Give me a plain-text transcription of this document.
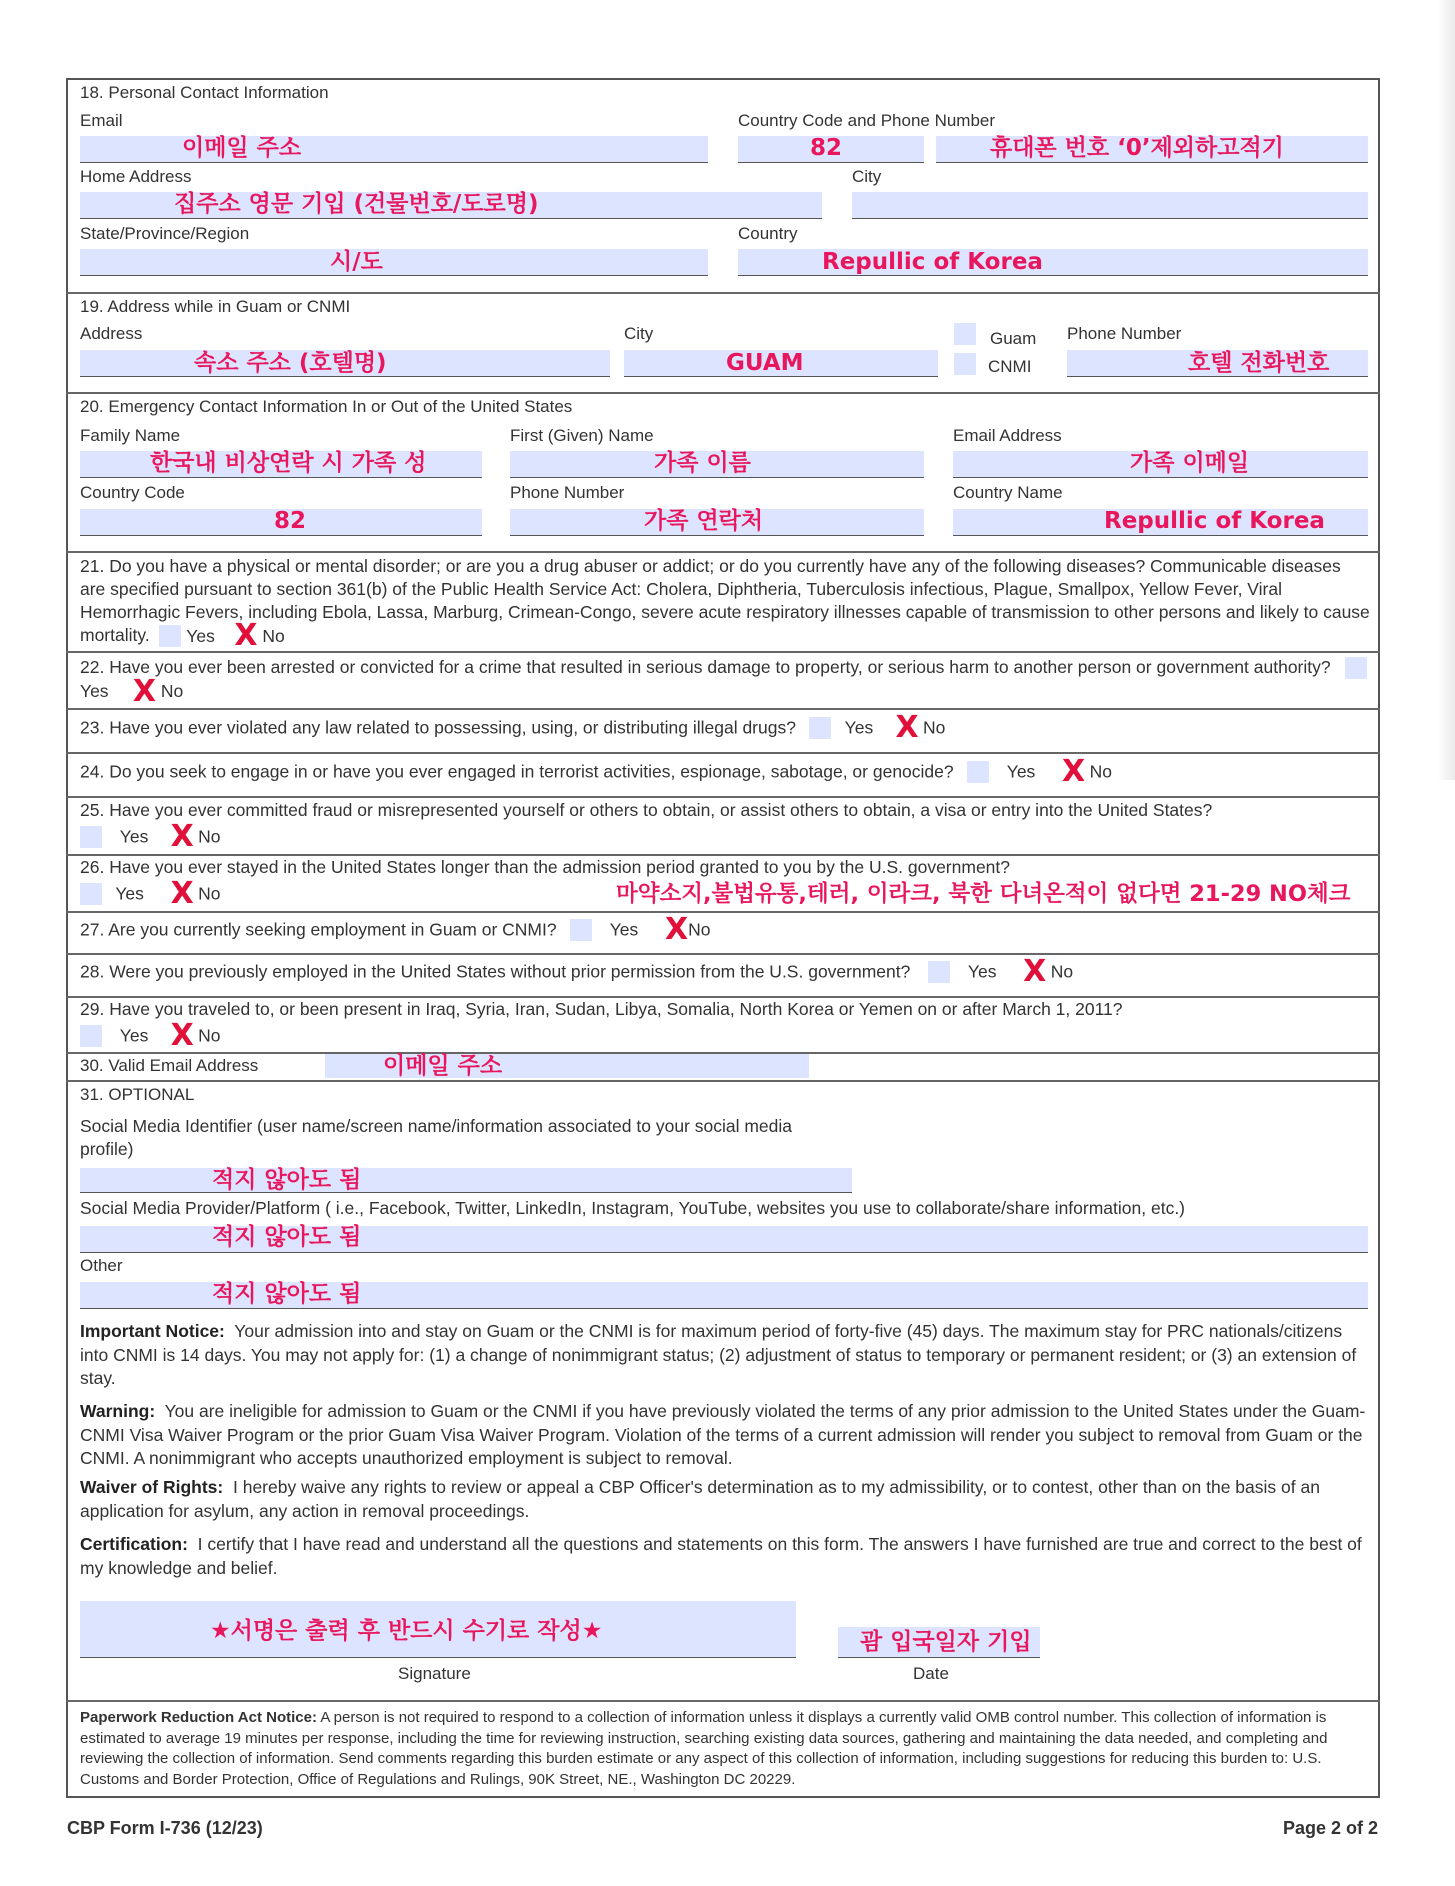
18. Personal Contact Information
Email
이메일 주소
Country Code and Phone Number
82	휴대폰 번호 ‘0’제외하고적기
Home Address
집주소 영문 기입 (건물번호/도로명)
City
State/Province/Region
시/도
Country
Repullic of Korea
19. Address while in Guam or CNMI
Address
속소 주소 (호텔명)
City
GUAM
Guam
CNMI
Phone Number
호텔 전화번호
20. Emergency Contact Information In or Out of the United States
Family Name
한국내 비상연락 시 가족 성
First (Given) Name
가족 이름
Email Address
가족 이메일
Country Code
82
Phone Number
가족 연락처
Country Name
Repullic of Korea
21. Do you have a physical or mental disorder; or are you a drug abuser or addict; or do you currently have any of the following diseases? Communicable diseases are specified pursuant to section 361(b) of the Public Health Service Act: Cholera, Diphtheria, Tuberculosis infectious, Plague, Smallpox, Yellow Fever, Viral Hemorrhagic Fevers, including Ebola, Lassa, Marburg, Crimean-Congo, severe acute respiratory illnesses capable of transmission to other persons and likely to cause mortality. Yes X No
22. Have you ever been arrested or convicted for a crime that resulted in serious damage to property, or serious harm to another person or government authority?    Yes X No
23. Have you ever violated any law related to possessing, using, or distributing illegal drugs?	Yes X No
24. Do you seek to engage in or have you ever engaged in terrorist activities, espionage, sabotage, or genocide?	Yes X No
25. Have you ever committed fraud or misrepresented yourself or others to obtain, or assist others to obtain, a visa or entry into the United States?
Yes X No
26. Have you ever stayed in the United States longer than the admission period granted to you by the U.S. government?
Yes X No	마약소지,불법유통,테러, 이라크, 북한 다녀온적이 없다면 21-29 NO체크
27. Are you currently seeking employment in Guam or CNMI?	Yes XNo
28. Were you previously employed in the United States without prior permission from the U.S. government?	Yes X No
29. Have you traveled to, or been present in Iraq, Syria, Iran, Sudan, Libya, Somalia, North Korea or Yemen on or after March 1, 2011?
Yes X No
30. Valid Email Address	이메일 주소
31. OPTIONAL
Social Media Identifier (user name/screen name/information associated to your social media profile)
적지 않아도 됨
Social Media Provider/Platform ( i.e., Facebook, Twitter, LinkedIn, Instagram, YouTube, websites you use to collaborate/share information, etc.)
적지 않아도 됨
Other
적지 않아도 됨
Important Notice: Your admission into and stay on Guam or the CNMI is for maximum period of forty-five (45) days. The maximum stay for PRC nationals/citizens into CNMI is 14 days. You may not apply for: (1) a change of nonimmigrant status; (2) adjustment of status to temporary or permanent resident; or (3) an extension of stay.
Warning: You are ineligible for admission to Guam or the CNMI if you have previously violated the terms of any prior admission to the United States under the Guam-CNMI Visa Waiver Program or the prior Guam Visa Waiver Program. Violation of the terms of a current admission will render you subject to removal from Guam or the CNMI. A nonimmigrant who accepts unauthorized employment is subject to removal.
Waiver of Rights: I hereby waive any rights to review or appeal a CBP Officer's determination as to my admissibility, or to contest, other than on the basis of an application for asylum, any action in removal proceedings.
Certification: I certify that I have read and understand all the questions and statements on this form. The answers I have furnished are true and correct to the best of my knowledge and belief.
★서명은 출력 후 반드시 수기로 작성★
Signature
괌 입국일자 기입
Date
Paperwork Reduction Act Notice: A person is not required to respond to a collection of information unless it displays a currently valid OMB control number. This collection of information is estimated to average 19 minutes per response, including the time for reviewing instruction, searching existing data sources, gathering and maintaining the data needed, and completing and reviewing the collection of information. Send comments regarding this burden estimate or any aspect of this collection of information, including suggestions for reducing this burden to: U.S. Customs and Border Protection, Office of Regulations and Rulings, 90K Street, NE., Washington DC 20229.
CBP Form I-736 (12/23)	Page 2 of 2
